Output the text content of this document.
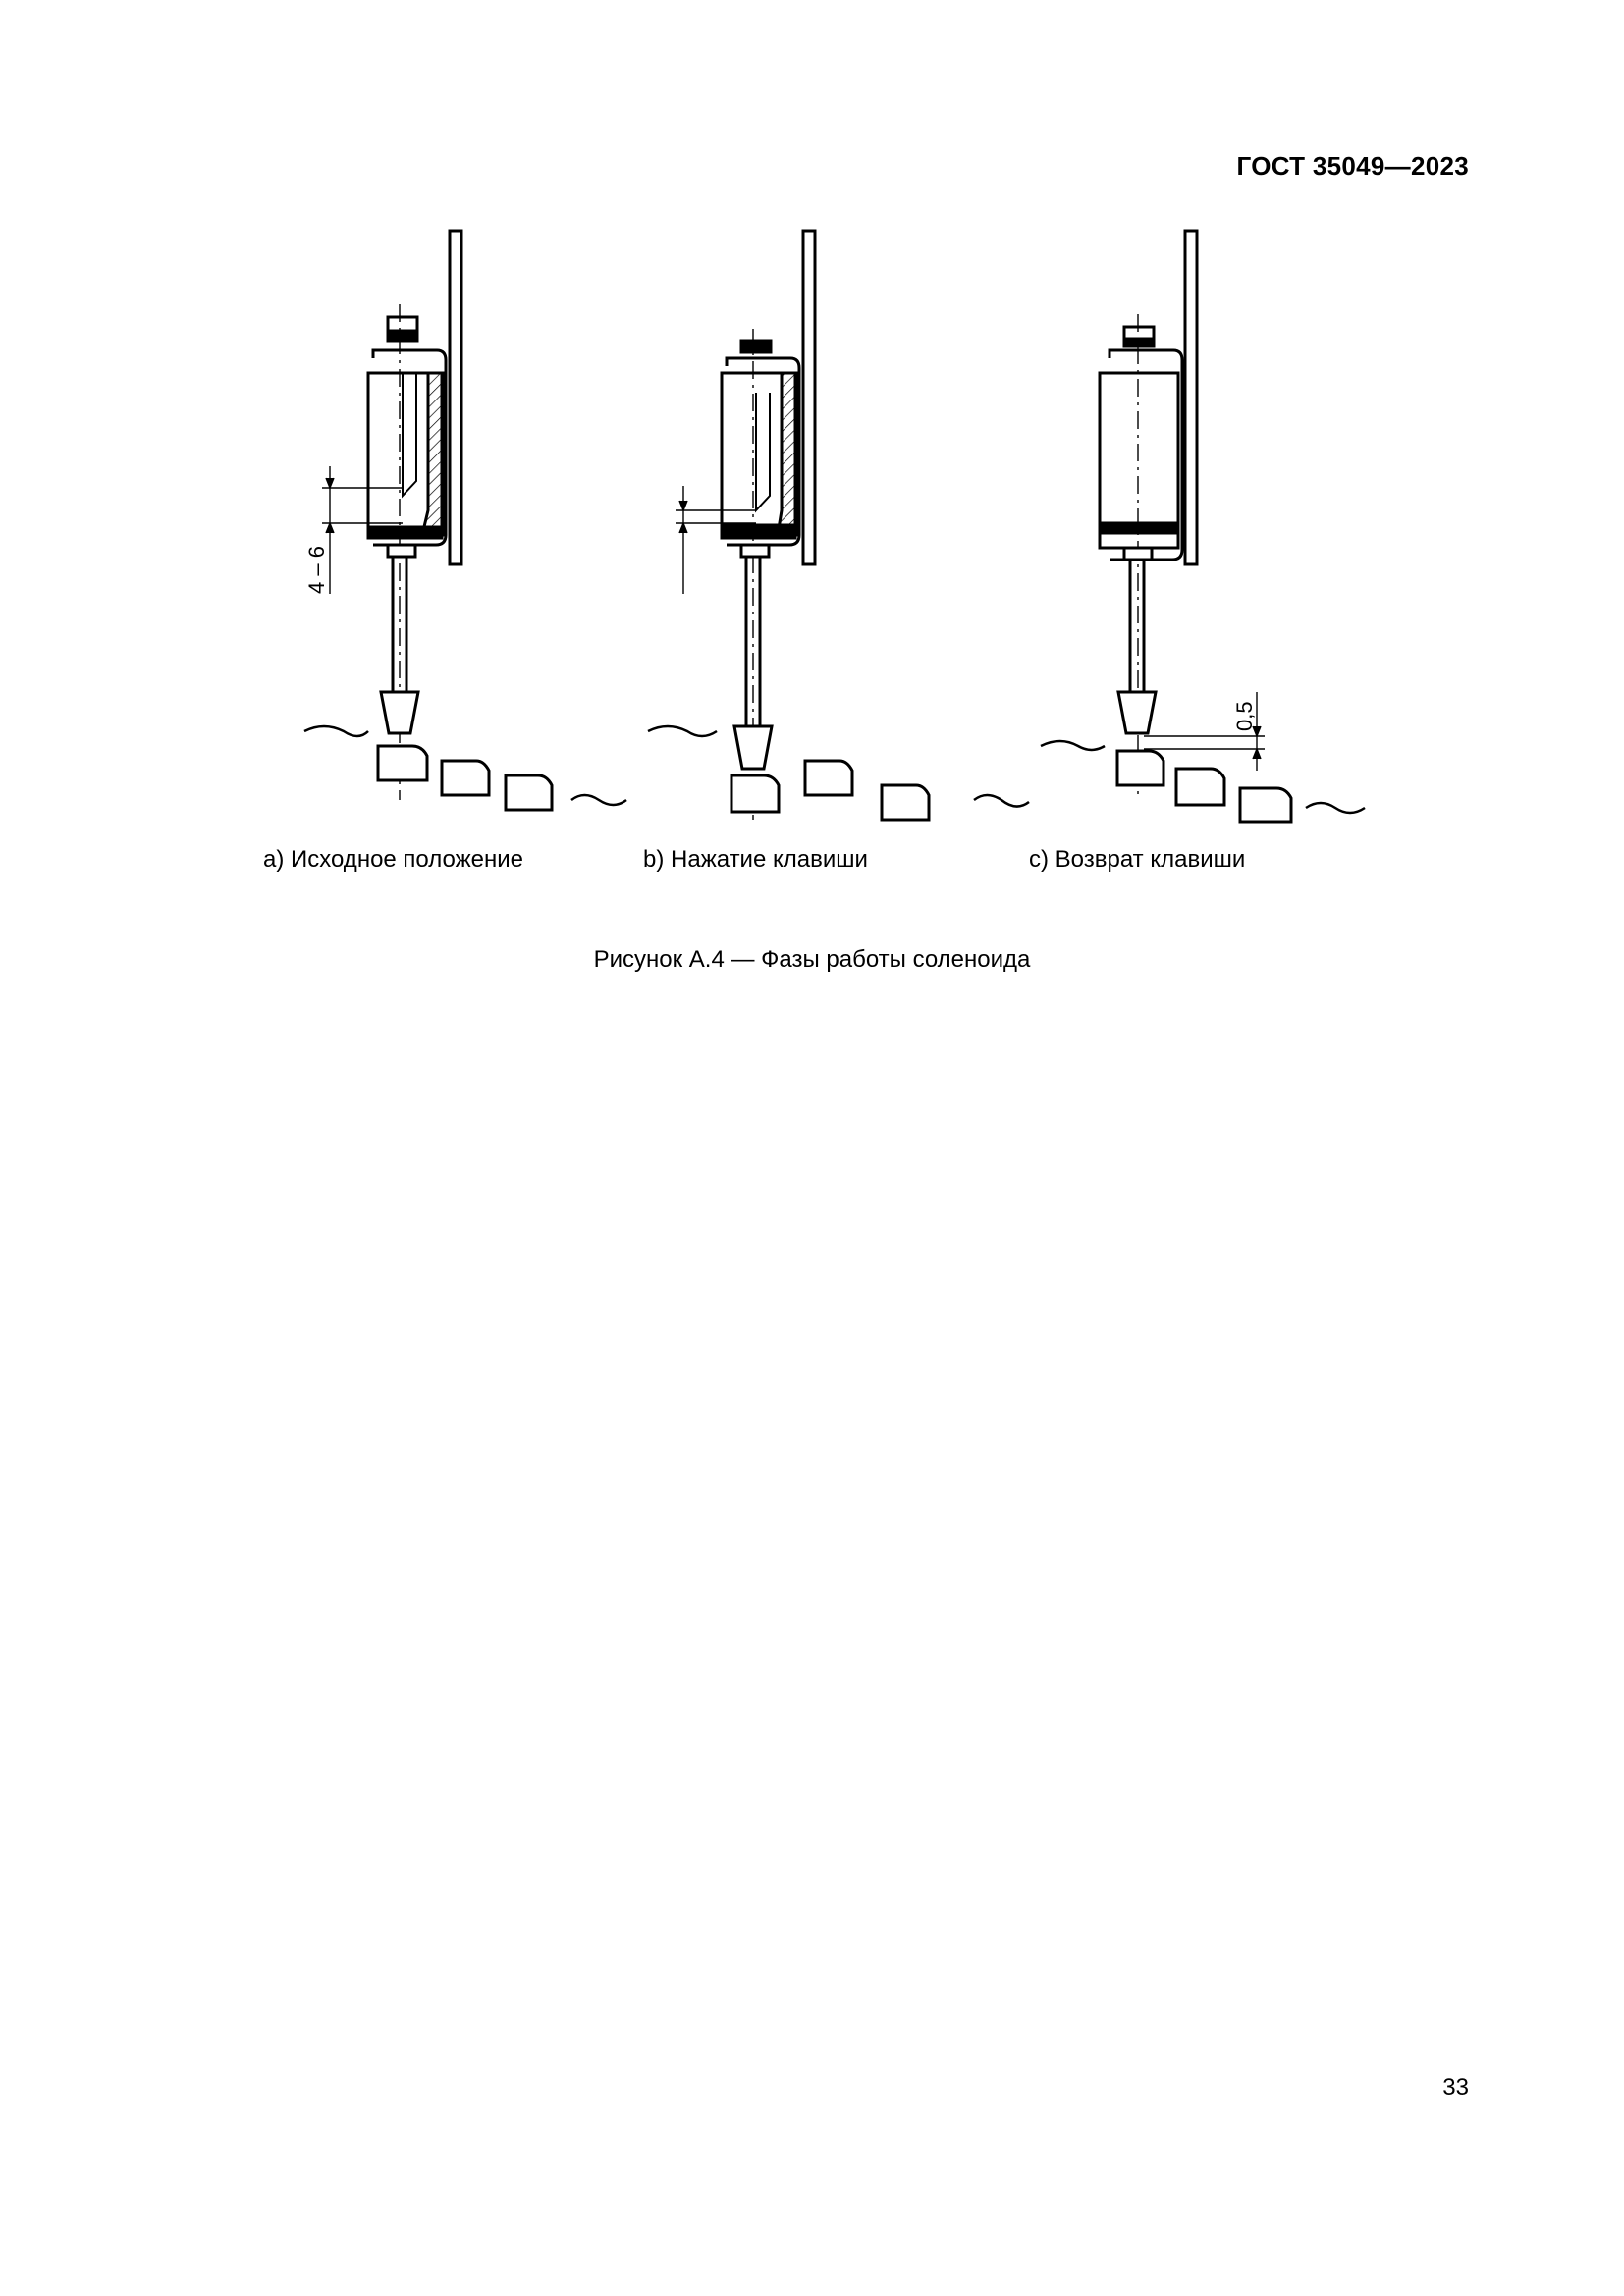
ГОСТ 35049—2023
4 – 6
0,5
a) Исходное положение	b) Нажатие клавиши	c) Возврат клавиши
Рисунок А.4 — Фазы работы соленоида
33
